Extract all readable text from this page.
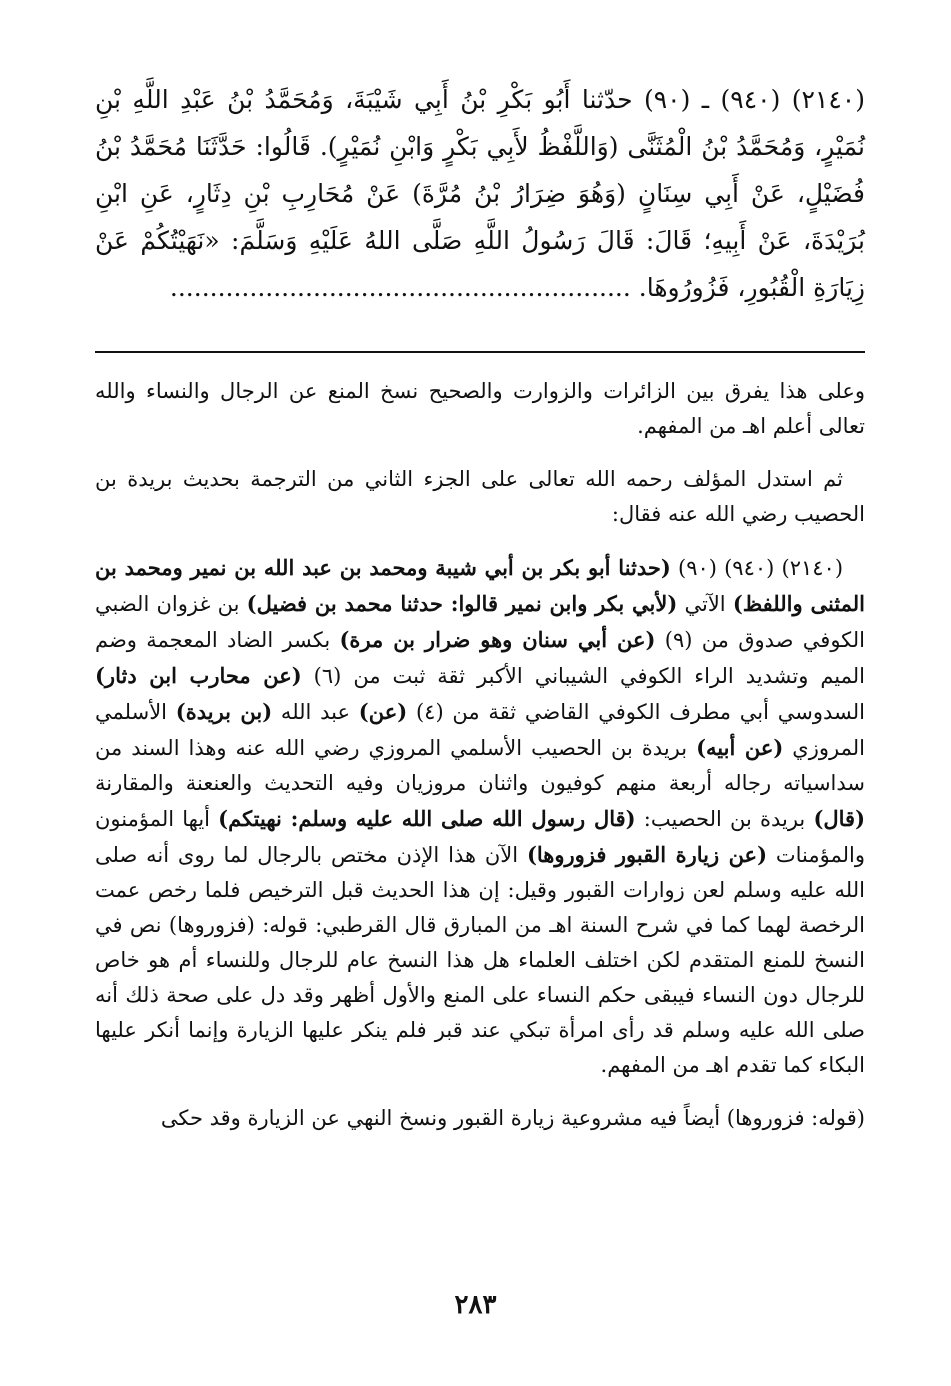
(٢١٤٠) (٩٤٠) ـ (٩٠) حدّثنا أَبُو بَكْرِ بْنُ أَبِي شَيْبَةَ، وَمُحَمَّدُ بْنُ عَبْدِ اللَّهِ بْنِ نُمَيْرٍ، وَمُحَمَّدُ بْنُ الْمُثَنَّى (وَاللَّفْظُ لأَبِي بَكْرٍ وَابْنِ نُمَيْرٍ). قَالُوا: حَدَّثَنَا مُحَمَّدُ بْنُ فُضَيْلٍ، عَنْ أَبِي سِنَانٍ (وَهُوَ ضِرَارُ بْنُ مُرَّةَ) عَنْ مُحَارِبِ بْنِ دِثَارٍ، عَنِ ابْنِ بُرَيْدَةَ، عَنْ أَبِيهِ؛ قَالَ: قَالَ رَسُولُ اللَّهِ صَلَّى اللهُ عَلَيْهِ وَسَلَّمَ: «نَهَيْتُكُمْ عَنْ زِيَارَةِ الْقُبُورِ، فَزُورُوهَا. ..........................................................

وعلى هذا يفرق بين الزائرات والزوارت والصحيح نسخ المنع عن الرجال والنساء والله تعالى أعلم اهـ من المفهم.

ثم استدل المؤلف رحمه الله تعالى على الجزء الثاني من الترجمة بحديث بريدة بن الحصيب رضي الله عنه فقال:

(٢١٤٠) (٩٤٠) (٩٠) (حدثنا أبو بكر بن أبي شيبة ومحمد بن عبد الله بن نمير ومحمد بن المثنى واللفظ) الآتي (لأبي بكر وابن نمير قالوا: حدثنا محمد بن فضيل) بن غزوان الضبي الكوفي صدوق من (٩) (عن أبي سنان وهو ضرار بن مرة) بكسر الضاد المعجمة وضم الميم وتشديد الراء الكوفي الشيباني الأكبر ثقة ثبت من (٦) (عن محارب ابن دثار) السدوسي أبي مطرف الكوفي القاضي ثقة من (٤) (عن) عبد الله (بن بريدة) الأسلمي المروزي (عن أبيه) بريدة بن الحصيب الأسلمي المروزي رضي الله عنه وهذا السند من سداسياته رجاله أربعة منهم كوفيون واثنان مروزيان وفيه التحديث والعنعنة والمقارنة (قال) بريدة بن الحصيب: (قال رسول الله صلى الله عليه وسلم: نهيتكم) أيها المؤمنون والمؤمنات (عن زيارة القبور فزوروها) الآن هذا الإذن مختص بالرجال لما روى أنه صلى الله عليه وسلم لعن زوارات القبور وقيل: إن هذا الحديث قبل الترخيص فلما رخص عمت الرخصة لهما كما في شرح السنة اهـ من المبارق قال القرطبي: قوله: (فزوروها) نص في النسخ للمنع المتقدم لكن اختلف العلماء هل هذا النسخ عام للرجال وللنساء أم هو خاص للرجال دون النساء فيبقى حكم النساء على المنع والأول أظهر وقد دل على صحة ذلك أنه صلى الله عليه وسلم قد رأى امرأة تبكي عند قبر فلم ينكر عليها الزيارة وإنما أنكر عليها البكاء كما تقدم اهـ من المفهم.

(قوله: فزوروها) أيضاً فيه مشروعية زيارة القبور ونسخ النهي عن الزيارة وقد حكى

٢٨٣
